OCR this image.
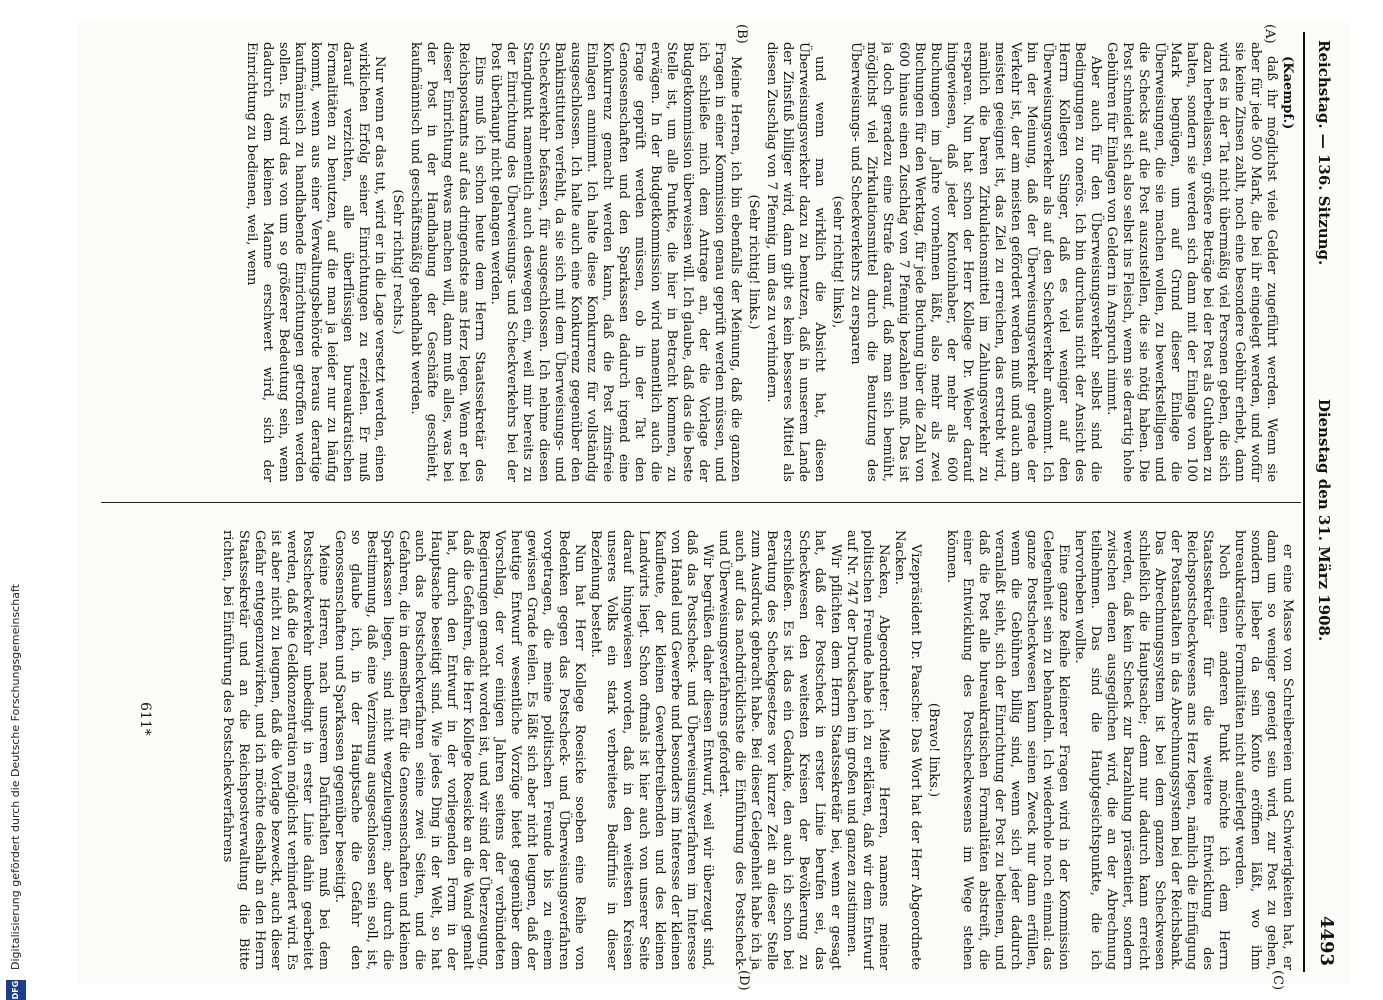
DFG
Digitalisierung gefördert durch die Deutsche Forschungsgemeinschaft
Reichstag. — 136. Sitzung.
Dienstag den 31. März 1908.
4493
(A)
(B)
(C)
(D)

(Kaempf.)

daß ihr möglichst viele Gelder zugeführt werden. Wenn sie aber für jede 500 Mark, die bei ihr eingelegt werden, und wofür sie keine Zinsen zahlt, noch eine besondere Gebühr erhebt, dann wird es in der Tat nicht übermäßig viel Personen geben, die sich dazu herbeilassen, größere Beträge bei der Post als Guthaben zu halten, sondern sie werden sich dann mit der Einlage von 100 Mark begnügen, um auf Grund dieser Einlage die Überweisungen, die sie machen wollen, zu bewerkstelligen und die Schecks auf die Post auszustellen, die sie nötig haben. Die Post schneidet sich also selbst ins Fleisch, wenn sie derartig hohe Gebühren für Einlagen von Geldern in Anspruch nimmt.

Aber auch für den Überweisungsverkehr selbst sind die Bedingungen zu onerös. Ich bin durchaus nicht der Ansicht des Herrn Kollegen Singer, daß es viel weniger auf den Überweisungsverkehr als auf den Scheckverkehr ankommt. Ich bin der Meinung, daß der Überweisungsverkehr gerade der Verkehr ist, der am meisten gefördert werden muß und auch am meisten geeignet ist, das Ziel zu erreichen, das erstrebt wird, nämlich die baren Zirkulationsmittel im Zahlungsverkehr zu ersparen. Nun hat schon der Herr Kollege Dr. Weber darauf hingewiesen, daß jeder Kontoinhaber, der mehr als 600 Buchungen im Jahre vornehmen läßt, also mehr als zwei Buchungen für den Werktag, für jede Buchung über die Zahl von 600 hinaus einen Zuschlag von 7 Pfennig bezahlen muß. Das ist ja doch geradezu eine Strafe darauf, daß man sich bemüht, möglichst viel Zirkulationsmittel durch die Benutzung des Überweisungs- und Scheckverkehrs zu ersparen

(sehr richtig! links),

und wenn man wirklich die Absicht hat, diesen Überweisungsverkehr dazu zu benutzen, daß in unserem Lande der Zinsfuß billiger wird, dann gibt es kein besseres Mittel als diesen Zuschlag von 7 Pfennig, um das zu verhindern.

(Sehr richtig! links.)

Meine Herren, ich bin ebenfalls der Meinung, daß die ganzen Fragen in einer Kommission genau geprüft werden müssen, und ich schließe mich dem Antrage an, der die Vorlage der Budgetkommission überweisen will. Ich glaube, daß das die beste Stelle ist, um alle Punkte, die hier in Betracht kommen, zu erwägen. In der Budgetkommission wird namentlich auch die Frage geprüft werden müssen, ob in der Tat den Genossenschaften und den Sparkassen dadurch irgend eine Konkurrenz gemacht werden kann, daß die Post zinsfreie Einlagen annimmt. Ich halte diese Konkurrenz für vollständig ausgeschlossen. Ich halte auch eine Konkurrenz gegenüber den Bankinstituten verfehlt, da sie sich mit dem Überweisungs- und Scheckverkehr befassen, für ausgeschlossen. Ich nehme diesen Standpunkt namentlich auch deswegen ein, weil mir bereits zu der Einrichtung des Überweisungs- und Scheckverkehrs bei der Post überhaupt nicht gelangen werden.

Eins muß ich schon heute dem Herrn Staatssekretär des Reichspostamts auf das dringendste ans Herz legen. Wenn er bei dieser Einrichtung etwas machen will, dann muß alles, was bei der Post in der Handhabung der Geschäfte geschieht, kaufmännisch und geschäftsmäßig gehandhabt werden.

(Sehr richtig! rechts.)

Nur wenn er das tut, wird er in die Lage versetzt werden, einen wirklichen Erfolg seiner Einrichtungen zu erzielen. Er muß darauf verzichten, alle überflüssigen bureaukratischen Formalitäten zu benutzen, auf die man ja leider nur zu häufig kommt, wenn aus einer Verwaltungsbehörde heraus derartige kaufmännisch zu handhabende Einrichtungen getroffen werden sollen. Es wird das von um so größerer Bedeutung sein, wenn dadurch dem kleinen Manne erschwert wird, sich der Einrichtung zu bedienen, weil, wenn

er eine Masse von Schreibereien und Schwierigkeiten hat, er dann um so weniger geneigt sein wird, zur Post zu gehen, sondern lieber da sein Konto eröffnen läßt, wo ihm bureaukratische Formalitäten nicht auferlegt werden.

Noch einen anderen Punkt möchte ich dem Herrn Staatssekretär für die weitere Entwicklung des Reichspostscheckwesens ans Herz legen, nämlich die Einfügung der Postanstalten in das Abrechnungssystem bei der Reichsbank. Das Abrechnungssystem ist bei dem ganzen Scheckwesen schließlich die Hauptsache; denn nur dadurch kann erreicht werden, daß kein Scheck zur Barzahlung präsentiert, sondern zwischen denen ausgeglichen wird, die an der Abrechnung teilnehmen. Das sind die Hauptgesichtspunkte, die ich hervorheben wollte.

Eine ganze Reihe kleinerer Fragen wird in der Kommission Gelegenheit sein zu behandeln. Ich wiederhole noch einmal: das ganze Postscheckwesen kann seinen Zweck nur dann erfüllen, wenn die Gebühren billig sind, wenn sich jeder dadurch veranlaßt sieht, sich der Einrichtung der Post zu bedienen, und daß die Post alle bureaukratischen Formalitäten abstreift, die einer Entwicklung des Postscheckwesens im Wege stehen können.

(Bravo! links.)

Vizepräsident Dr. Paasche: Das Wort hat der Herr Abgeordnete Nacken.

Nacken, Abgeordneter: Meine Herren, namens meiner politischen Freunde habe ich zu erklären, daß wir dem Entwurf auf Nr. 747 der Drucksachen im großen und ganzen zustimmen.

Wir pflichten dem Herrn Staatssekretär bei, wenn er gesagt hat, daß der Postscheck in erster Linie berufen sei, das Scheckwesen den weitesten Kreisen der Bevölkerung zu erschließen. Es ist das ein Gedanke, den auch ich schon bei Beratung des Scheckgesetzes vor kurzer Zeit an dieser Stelle zum Ausdruck gebracht habe. Bei dieser Gelegenheit habe ich ja auch auf das nachdrücklichste die Einführung des Postscheck- und Überweisungsverfahrens gefordert.

Wir begrüßen daher diesen Entwurf, weil wir überzeugt sind, daß das Postscheck- und Überweisungsverfahren im Interesse von Handel und Gewerbe und besonders im Interesse der kleinen Kaufleute, der kleinen Gewerbetreibenden und des kleinen Landwirts liegt. Schon oftmals ist hier auch von unserer Seite darauf hingewiesen worden, daß in den weitesten Kreisen unseres Volks ein stark verbreitetes Bedürfnis in dieser Beziehung besteht.

Nun hat Herr Kollege Roesicke soeben eine Reihe von Bedenken gegen das Postscheck- und Überweisungsverfahren vorgetragen, die meine politischen Freunde bis zu einem gewissen Grade teilen. Es läßt sich aber nicht leugnen, daß der heutige Entwurf wesentliche Vorzüge bietet gegenüber dem Vorschlag, der vor einigen Jahren seitens der verbündeten Regierungen gemacht worden ist, und wir sind der Überzeugung, daß die Gefahren, die Herr Kollege Roesicke an die Wand gemalt hat, durch den Entwurf in der vorliegenden Form in der Hauptsache beseitigt sind. Wie jedes Ding in der Welt, so hat auch das Postscheckverfahren seine zwei Seiten, und die Gefahren, die in demselben für die Genossenschaften und kleinen Sparkassen liegen, sind nicht wegzuleugnen; aber durch die Bestimmung, daß eine Verzinsung ausgeschlossen sein soll, ist, so glaube ich, in der Hauptsache die Gefahr den Genossenschaften und Sparkassen gegenüber beseitigt.

Meine Herren, nach unserem Dafürhalten muß bei dem Postscheckverkehr unbedingt in erster Linie dahin gearbeitet werden, daß die Geldkonzentration möglichst verhindert wird. Es ist aber nicht zu leugnen, daß die Vorlage bezweckt, auch dieser Gefahr entgegenzuwirken, und ich möchte deshalb an den Herrn Staatssekretär und an die Reichspostverwaltung die Bitte richten, bei Einführung des Postscheckverfahrens

611*
